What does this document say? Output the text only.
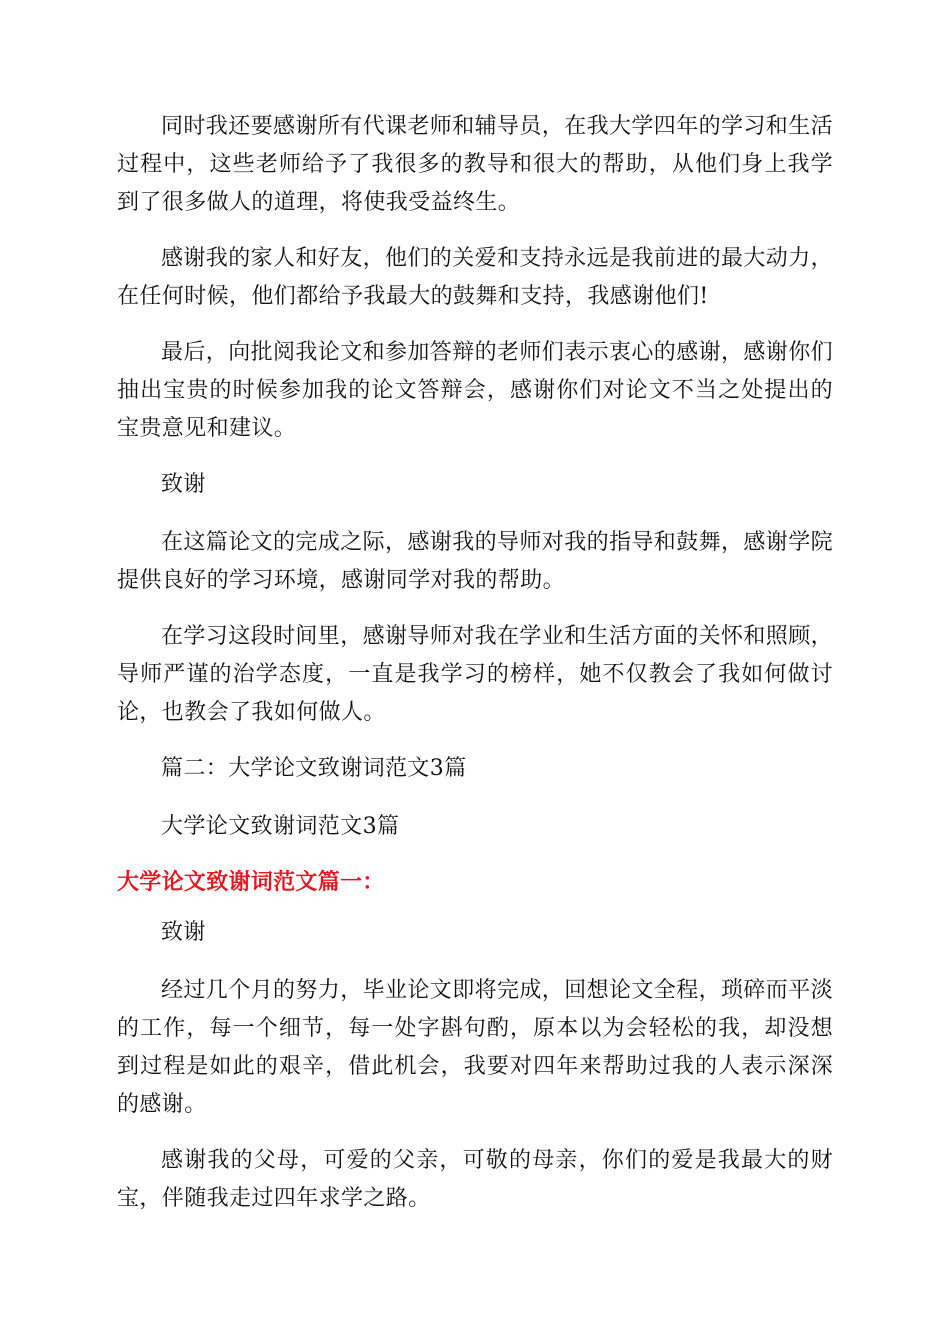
同时我还要感谢所有代课老师和辅导员，在我大学四年的学习和生活过程中，这些老师给予了我很多的教导和很大的帮助，从他们身上我学到了很多做人的道理，将使我受益终生。

感谢我的家人和好友，他们的关爱和支持永远是我前进的最大动力，在任何时候，他们都给予我最大的鼓舞和支持，我感谢他们!

最后，向批阅我论文和参加答辩的老师们表示衷心的感谢，感谢你们抽出宝贵的时候参加我的论文答辩会，感谢你们对论文不当之处提出的宝贵意见和建议。

致谢

在这篇论文的完成之际，感谢我的导师对我的指导和鼓舞，感谢学院提供良好的学习环境，感谢同学对我的帮助。

在学习这段时间里，感谢导师对我在学业和生活方面的关怀和照顾，导师严谨的治学态度，一直是我学习的榜样，她不仅教会了我如何做讨论，也教会了我如何做人。

篇二：大学论文致谢词范文3篇

大学论文致谢词范文3篇

大学论文致谢词范文篇一：

致谢

经过几个月的努力，毕业论文即将完成，回想论文全程，琐碎而平淡的工作，每一个细节，每一处字斟句酌，原本以为会轻松的我，却没想到过程是如此的艰辛，借此机会，我要对四年来帮助过我的人表示深深的感谢。

感谢我的父母，可爱的父亲，可敬的母亲，你们的爱是我最大的财宝，伴随我走过四年求学之路。
